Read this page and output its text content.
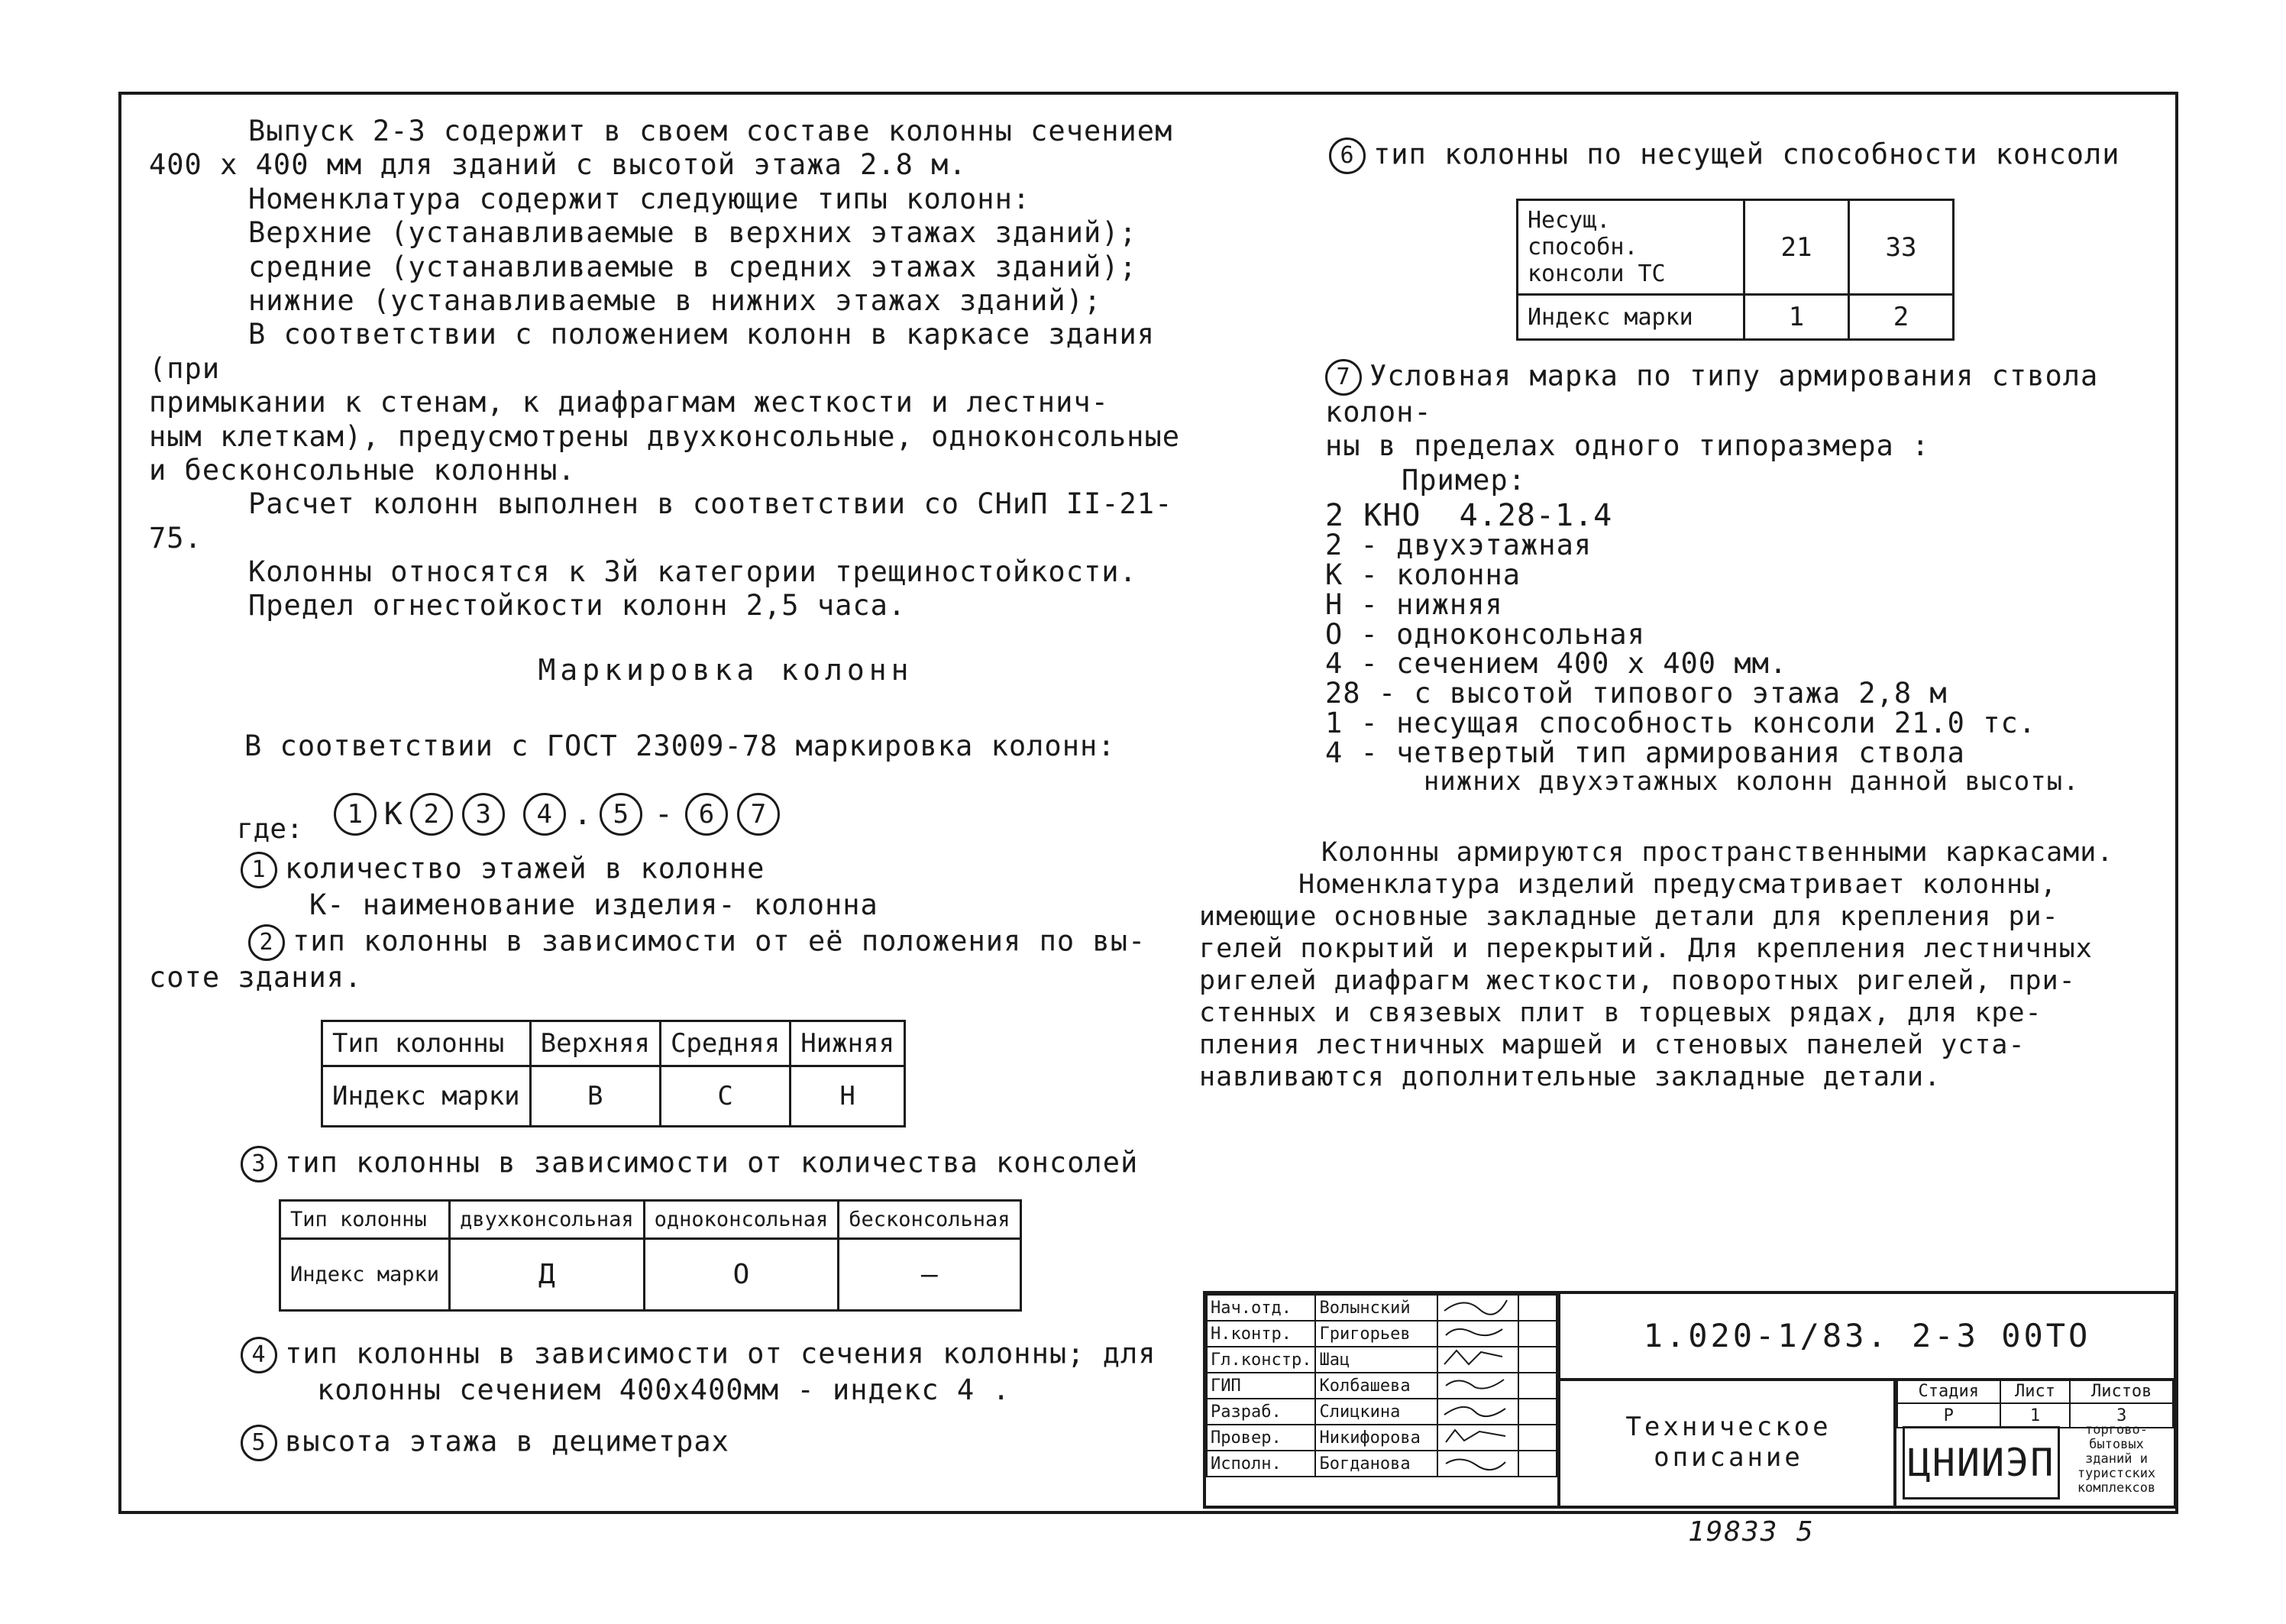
Выпуск 2-3 содержит в своем составе колонны сечением

400 х 400 мм для зданий с высотой этажа 2.8 м.

Номенклатура содержит следующие типы колонн:

Верхние (устанавливаемые в верхних этажах зданий);

средние (устанавливаемые в средних этажах зданий);

нижние (устанавливаемые в нижних этажах зданий);

В соответствии с положением колонн в каркасе здания (при

примыкании к стенам, к диафрагмам жесткости и лестнич-

ным клеткам), предусмотрены двухконсольные, одноконсольные

и бесконсольные колонны.

Расчет колонн выполнен в соответствии со СНиП II-21-75.

Колонны относятся к 3й категории трещиностойкости.

Предел огнестойкости колонн 2,5 часа.

Маркировка колонн

В соответствии с ГОСТ 23009-78 маркировка колонн:

где:	1 К 2	3	4 . 5 - 6	7

1 количество этажей в колонне

К- наименование изделия- колонна

2 тип колонны в зависимости от её положения по вы-

соте здания.

Тип колонны	Верхняя	Средняя	Нижняя
Индекс марки	В	С	Н

3 тип колонны в зависимости от количества консолей

Тип колонны	двухконсольная	одноконсольная	бесконсольная
Индекс марки	Д	О	—

4 тип колонны в зависимости от сечения колонны; для

колонны сечением 400х400мм - индекс 4 .

5 высота этажа в дециметрах

6 тип колонны по несущей способности консоли

Несущ. способн. консоли ТС	21	33
Индекс марки	1	2

7 Условная марка по типу армирования ствола колон-

ны в пределах одного типоразмера :

Пример:

2 КНО  4.28-1.4

2 - двухэтажная

К - колонна

Н - нижняя

О - одноконсольная

4 - сечением 400 х 400 мм.

28 - с высотой типового этажа 2,8 м

1 - несущая способность консоли 21.0 тс.

4 - четвертый тип армирования ствола

нижних двухэтажных колонн данной высоты.

Колонны армируются пространственными каркасами.

Номенклатура изделий предусматривает колонны,

имеющие основные закладные детали для крепления ри-

гелей покрытий и перекрытий. Для крепления лестничных

ригелей диафрагм жесткости, поворотных ригелей, при-

стенных и связевых плит в торцевых рядах, для кре-

пления лестничных маршей и стеновых панелей уста-

навливаются дополнительные закладные детали.

Нач.отд.	Волынский		
Н.контр.	Григорьев		
Гл.констр.	Шац		
ГИП	Колбашева		
Разраб.	Слицкина		
Провер.	Никифорова		
Исполн.	Богданова		
1.020-1/83. 2-3 00ТО
Техническое
описание
Стадия	Лист	Листов
Р	1	3
ЦНИИЭП
торгово-бытовых зданий и туристских комплексов
19833 5
